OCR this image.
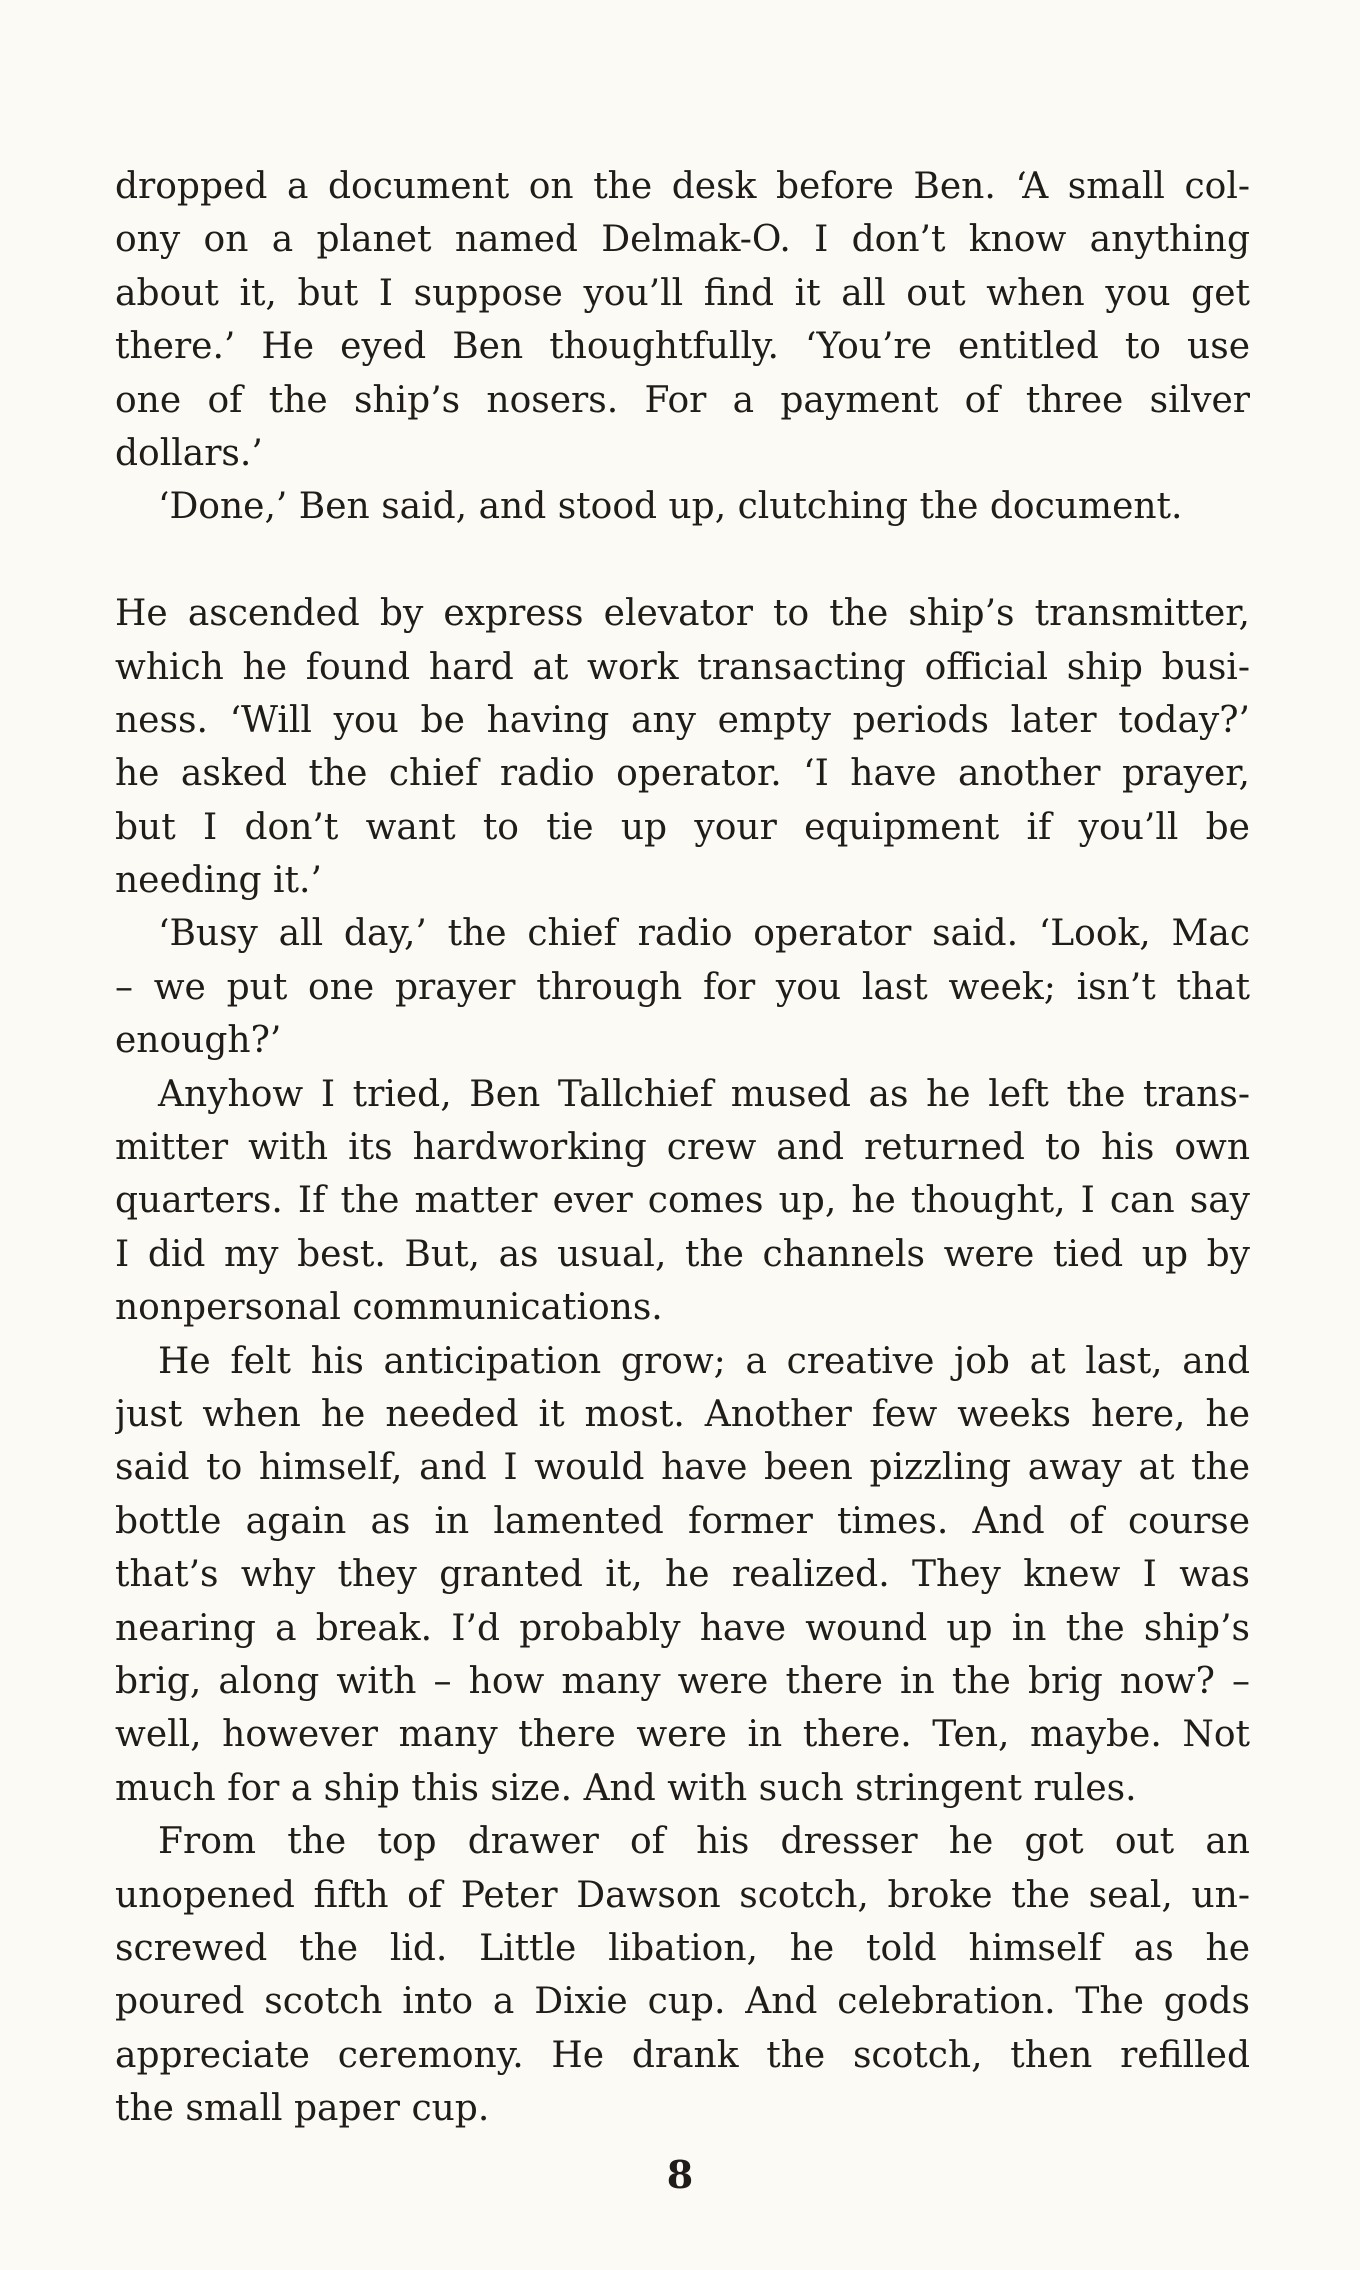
dropped a document on the desk before Ben. ‘A small col-
ony on a planet named Delmak-O. I don’t know anything
about it, but I suppose you’ll find it all out when you get
there.’ He eyed Ben thoughtfully. ‘You’re entitled to use
one of the ship’s nosers. For a payment of three silver
dollars.’
‘Done,’ Ben said, and stood up, clutching the document.
He ascended by express elevator to the ship’s transmitter,
which he found hard at work transacting official ship busi-
ness. ‘Will you be having any empty periods later today?’
he asked the chief radio operator. ‘I have another prayer,
but I don’t want to tie up your equipment if you’ll be
needing it.’
‘Busy all day,’ the chief radio operator said. ‘Look, Mac
– we put one prayer through for you last week; isn’t that
enough?’
Anyhow I tried, Ben Tallchief mused as he left the trans-
mitter with its hardworking crew and returned to his own
quarters. If the matter ever comes up, he thought, I can say
I did my best. But, as usual, the channels were tied up by
nonpersonal communications.
He felt his anticipation grow; a creative job at last, and
just when he needed it most. Another few weeks here, he
said to himself, and I would have been pizzling away at the
bottle again as in lamented former times. And of course
that’s why they granted it, he realized. They knew I was
nearing a break. I’d probably have wound up in the ship’s
brig, along with – how many were there in the brig now? –
well, however many there were in there. Ten, maybe. Not
much for a ship this size. And with such stringent rules.
From the top drawer of his dresser he got out an
unopened fifth of Peter Dawson scotch, broke the seal, un-
screwed the lid. Little libation, he told himself as he
poured scotch into a Dixie cup. And celebration. The gods
appreciate ceremony. He drank the scotch, then refilled
the small paper cup.
8
